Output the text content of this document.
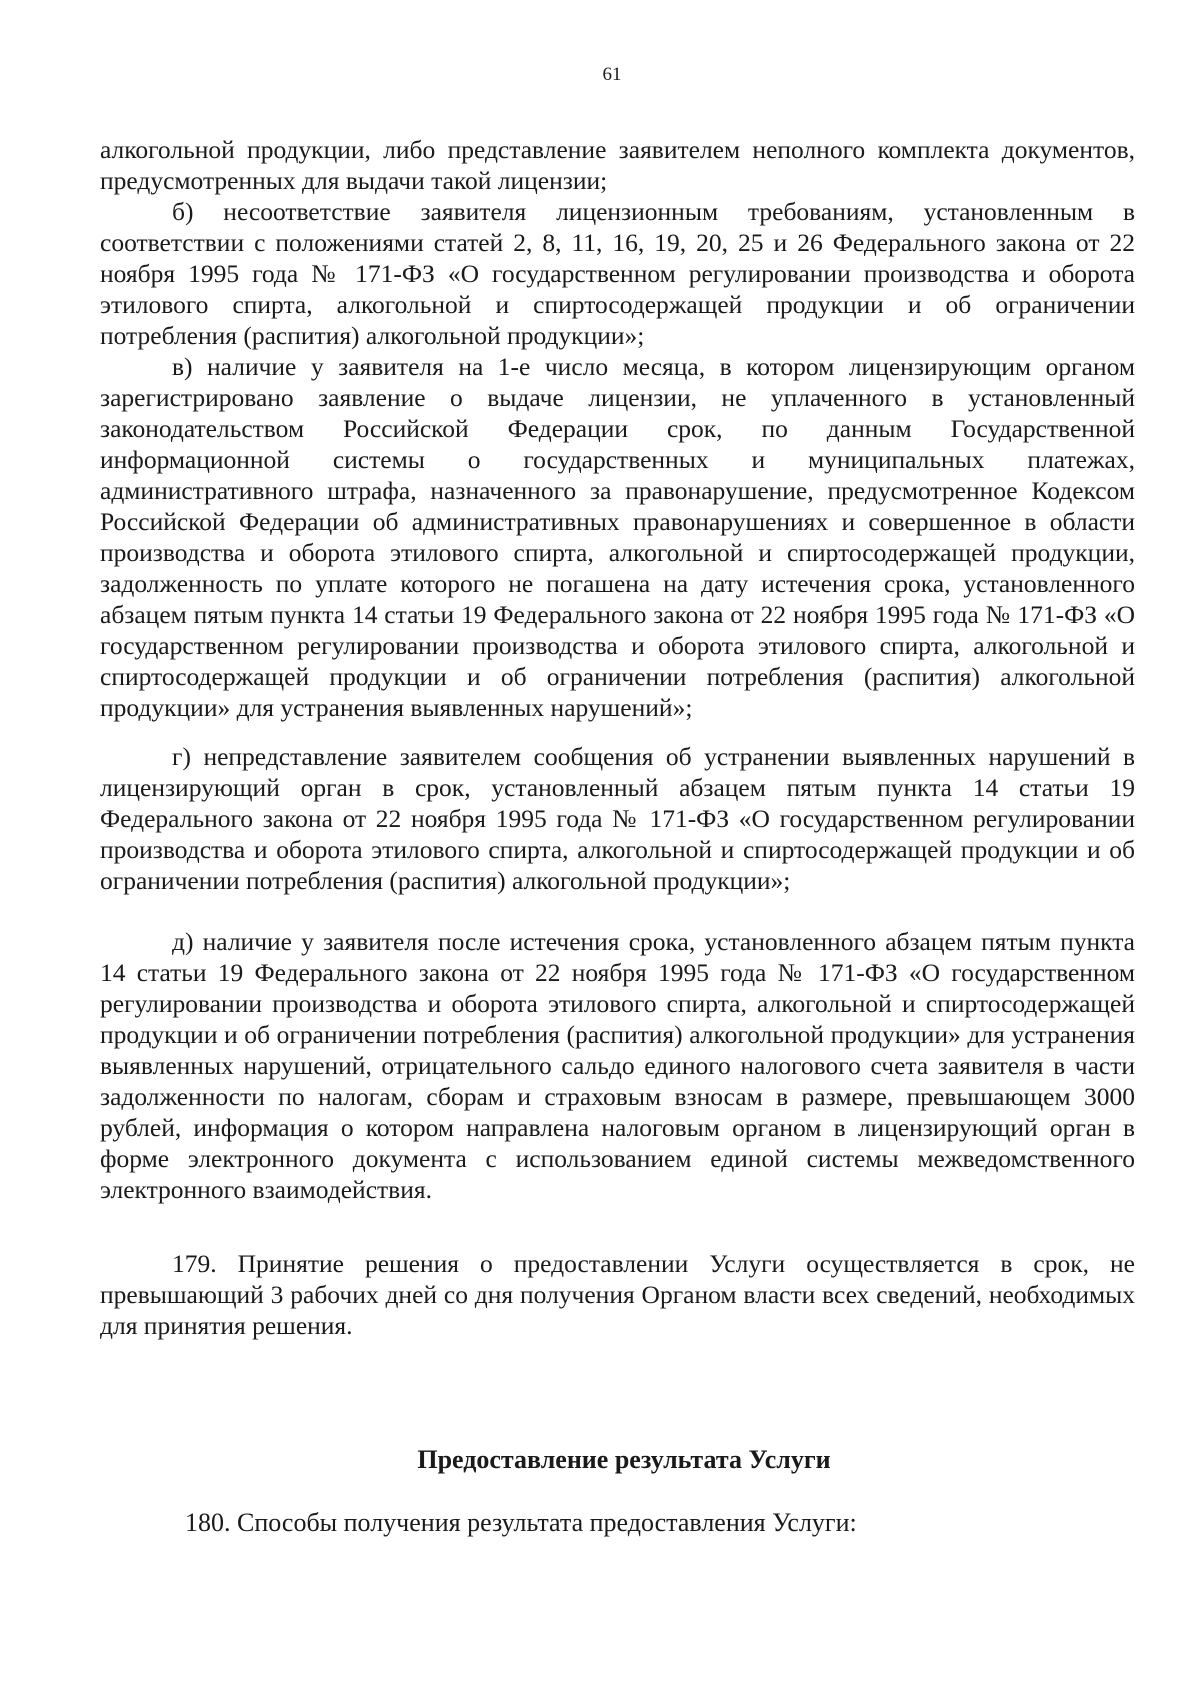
61

алкогольной продукции, либо представление заявителем неполного комплекта документов, предусмотренных для выдачи такой лицензии;

б) несоответствие заявителя лицензионным требованиям, установленным в соответствии с положениями статей 2, 8, 11, 16, 19, 20, 25 и 26 Федерального закона от 22 ноября 1995 года № 171-ФЗ «О государственном регулировании производства и оборота этилового спирта, алкогольной и спиртосодержащей продукции и об ограничении потребления (распития) алкогольной продукции»;

в) наличие у заявителя на 1-е число месяца, в котором лицензирующим органом зарегистрировано заявление о выдаче лицензии, не уплаченного в установленный законодательством Российской Федерации срок, по данным Государственной информационной системы о государственных и муниципальных платежах, административного штрафа, назначенного за правонарушение, предусмотренное Кодексом Российской Федерации об административных правонарушениях и совершенное в области производства и оборота этилового спирта, алкогольной и спиртосодержащей продукции, задолженность по уплате которого не погашена на дату истечения срока, установленного абзацем пятым пункта 14 статьи 19 Федерального закона от 22 ноября 1995 года № 171-ФЗ «О государственном регулировании производства и оборота этилового спирта, алкогольной и спиртосодержащей продукции и об ограничении потребления (распития) алкогольной продукции» для устранения выявленных нарушений»;

г) непредставление заявителем сообщения об устранении выявленных нарушений в лицензирующий орган в срок, установленный абзацем пятым пункта 14 статьи 19 Федерального закона от 22 ноября 1995 года № 171-ФЗ «О государственном регулировании производства и оборота этилового спирта, алкогольной и спиртосодержащей продукции и об ограничении потребления (распития) алкогольной продукции»;

д) наличие у заявителя после истечения срока, установленного абзацем пятым пункта 14 статьи 19 Федерального закона от 22 ноября 1995 года № 171-ФЗ «О государственном регулировании производства и оборота этилового спирта, алкогольной и спиртосодержащей продукции и об ограничении потребления (распития) алкогольной продукции» для устранения выявленных нарушений, отрицательного сальдо единого налогового счета заявителя в части задолженности по налогам, сборам и страховым взносам в размере, превышающем 3000 рублей, информация о котором направлена налоговым органом в лицензирующий орган в форме электронного документа с использованием единой системы межведомственного электронного взаимодействия.

179. Принятие решения о предоставлении Услуги осуществляется в срок, не превышающий 3 рабочих дней со дня получения Органом власти всех сведений, необходимых для принятия решения.

Предоставление результата Услуги
180. Способы получения результата предоставления Услуги:
